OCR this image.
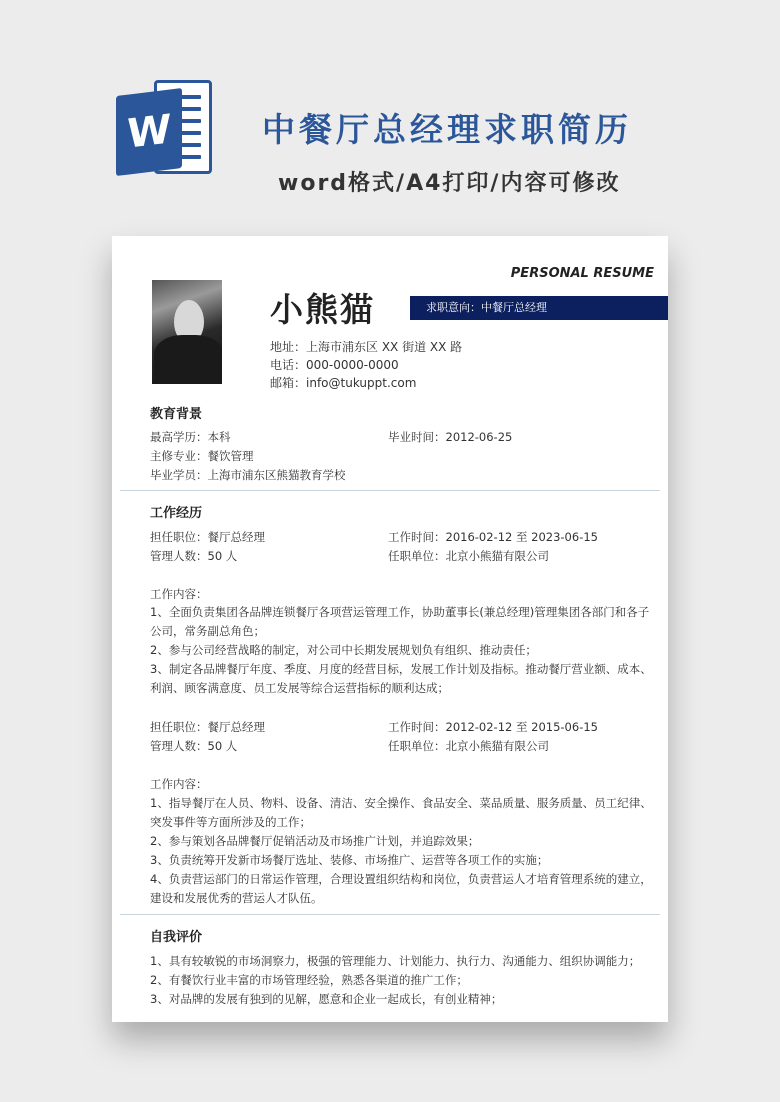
W	中餐厅总经理求职简历
word格式/A4打印/内容可修改
PERSONAL RESUME
小熊猫	求职意向：中餐厅总经理
地址：上海市浦东区 XX 街道 XX 路
电话：000-0000-0000
邮箱：info@tukuppt.com
教育背景
最高学历：本科	毕业时间：2012-06-25
主修专业：餐饮管理
毕业学员：上海市浦东区熊猫教育学校
工作经历
担任职位：餐厅总经理	工作时间：2016-02-12 至 2023-06-15
管理人数：50 人	任职单位：北京小熊猫有限公司
工作内容：
1、全面负责集团各品牌连锁餐厅各项营运管理工作，协助董事长(兼总经理)管理集团各部门和各子
公司，常务副总角色；
2、参与公司经营战略的制定，对公司中长期发展规划负有组织、推动责任；
3、制定各品牌餐厅年度、季度、月度的经营目标，发展工作计划及指标。推动餐厅营业额、成本、
利润、顾客满意度、员工发展等综合运营指标的顺利达成；
担任职位：餐厅总经理	工作时间：2012-02-12 至 2015-06-15
管理人数：50 人	任职单位：北京小熊猫有限公司
工作内容：
1、指导餐厅在人员、物料、设备、清洁、安全操作、食品安全、菜品质量、服务质量、员工纪律、
突发事件等方面所涉及的工作；
2、参与策划各品牌餐厅促销活动及市场推广计划，并追踪效果；
3、负责统筹开发新市场餐厅选址、装修、市场推广、运营等各项工作的实施；
4、负责营运部门的日常运作管理，合理设置组织结构和岗位，负责营运人才培育管理系统的建立，
建设和发展优秀的营运人才队伍。
自我评价
1、具有较敏锐的市场洞察力，极强的管理能力、计划能力、执行力、沟通能力、组织协调能力；
2、有餐饮行业丰富的市场管理经验，熟悉各渠道的推广工作；
3、对品牌的发展有独到的见解，愿意和企业一起成长，有创业精神；
